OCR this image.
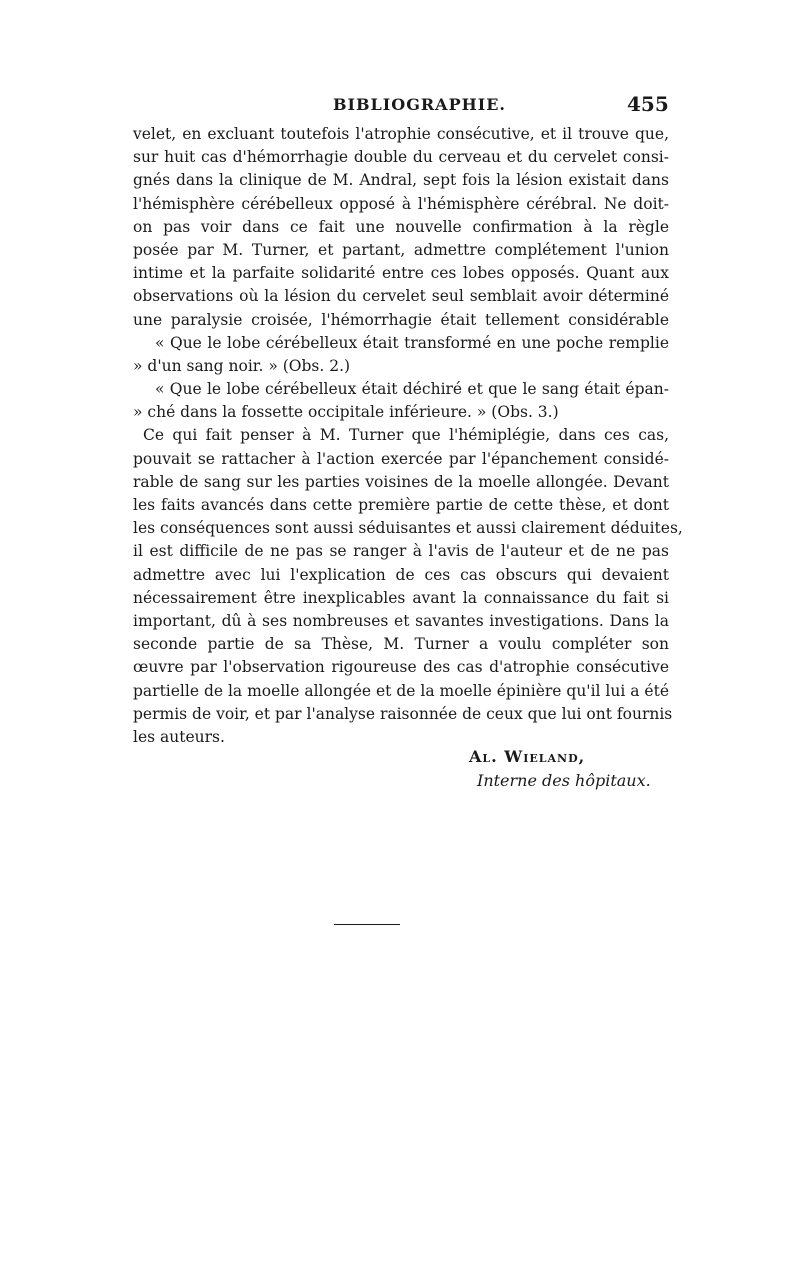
BIBLIOGRAPHIE.	455
velet, en excluant toutefois l'atrophie consécutive, et il trouve que,
sur huit cas d'hémorrhagie double du cerveau et du cervelet consi-
gnés dans la clinique de M. Andral, sept fois la lésion existait dans
l'hémisphère cérébelleux opposé à l'hémisphère cérébral. Ne doit-
on pas voir dans ce fait une nouvelle confirmation à la règle
posée par M. Turner, et partant, admettre complétement l'union
intime et la parfaite solidarité entre ces lobes opposés. Quant aux
observations où la lésion du cervelet seul semblait avoir déterminé
une paralysie croisée, l'hémorrhagie était tellement considérable
« Que le lobe cérébelleux était transformé en une poche remplie
» d'un sang noir. » (Obs. 2.)
« Que le lobe cérébelleux était déchiré et que le sang était épan-
» ché dans la fossette occipitale inférieure. » (Obs. 3.)
Ce qui fait penser à M. Turner que l'hémiplégie, dans ces cas,
pouvait se rattacher à l'action exercée par l'épanchement considé-
rable de sang sur les parties voisines de la moelle allongée. Devant
les faits avancés dans cette première partie de cette thèse, et dont
les conséquences sont aussi séduisantes et aussi clairement déduites,
il est difficile de ne pas se ranger à l'avis de l'auteur et de ne pas
admettre avec lui l'explication de ces cas obscurs qui devaient
nécessairement être inexplicables avant la connaissance du fait si
important, dû à ses nombreuses et savantes investigations. Dans la
seconde partie de sa Thèse, M. Turner a voulu compléter son
œuvre par l'observation rigoureuse des cas d'atrophie consécutive
partielle de la moelle allongée et de la moelle épinière qu'il lui a été
permis de voir, et par l'analyse raisonnée de ceux que lui ont fournis
les auteurs.
Al. Wieland,
Interne des hôpitaux.
